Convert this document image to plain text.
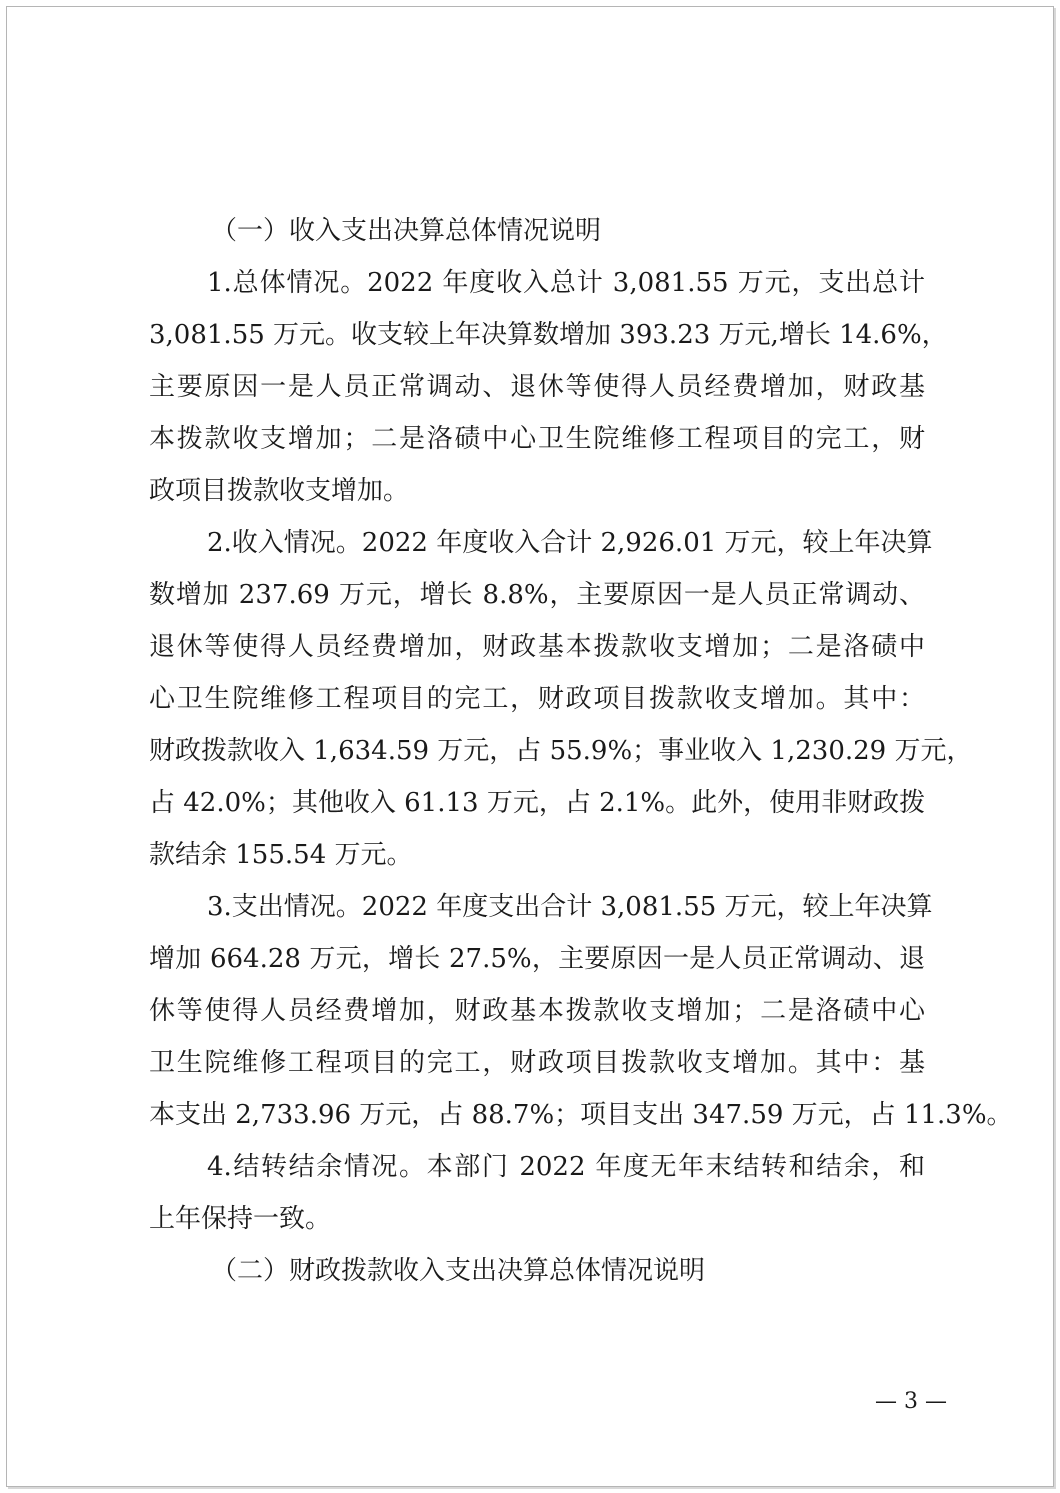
（一）收入支出决算总体情况说明
1.总体情况。2022 年度收入总计 3,081.55 万元，支出总计
3,081.55 万元。收支较上年决算数增加 393.23 万元,增长 14.6%，
主要原因一是人员正常调动、退休等使得人员经费增加，财政基
本拨款收支增加；二是洛碛中心卫生院维修工程项目的完工，财
政项目拨款收支增加。
2.收入情况。2022 年度收入合计 2,926.01 万元，较上年决算
数增加 237.69 万元，增长 8.8%，主要原因一是人员正常调动、
退休等使得人员经费增加，财政基本拨款收支增加；二是洛碛中
心卫生院维修工程项目的完工，财政项目拨款收支增加。其中：
财政拨款收入 1,634.59 万元，占 55.9%；事业收入 1,230.29 万元，
占 42.0%；其他收入 61.13 万元，占 2.1%。此外，使用非财政拨
款结余 155.54 万元。
3.支出情况。2022 年度支出合计 3,081.55 万元，较上年决算
增加 664.28 万元，增长 27.5%，主要原因一是人员正常调动、退
休等使得人员经费增加，财政基本拨款收支增加；二是洛碛中心
卫生院维修工程项目的完工，财政项目拨款收支增加。其中：基
本支出 2,733.96 万元，占 88.7%；项目支出 347.59 万元，占 11.3%。
4.结转结余情况。本部门 2022 年度无年末结转和结余，和
上年保持一致。
（二）财政拨款收入支出决算总体情况说明
— 3 —
